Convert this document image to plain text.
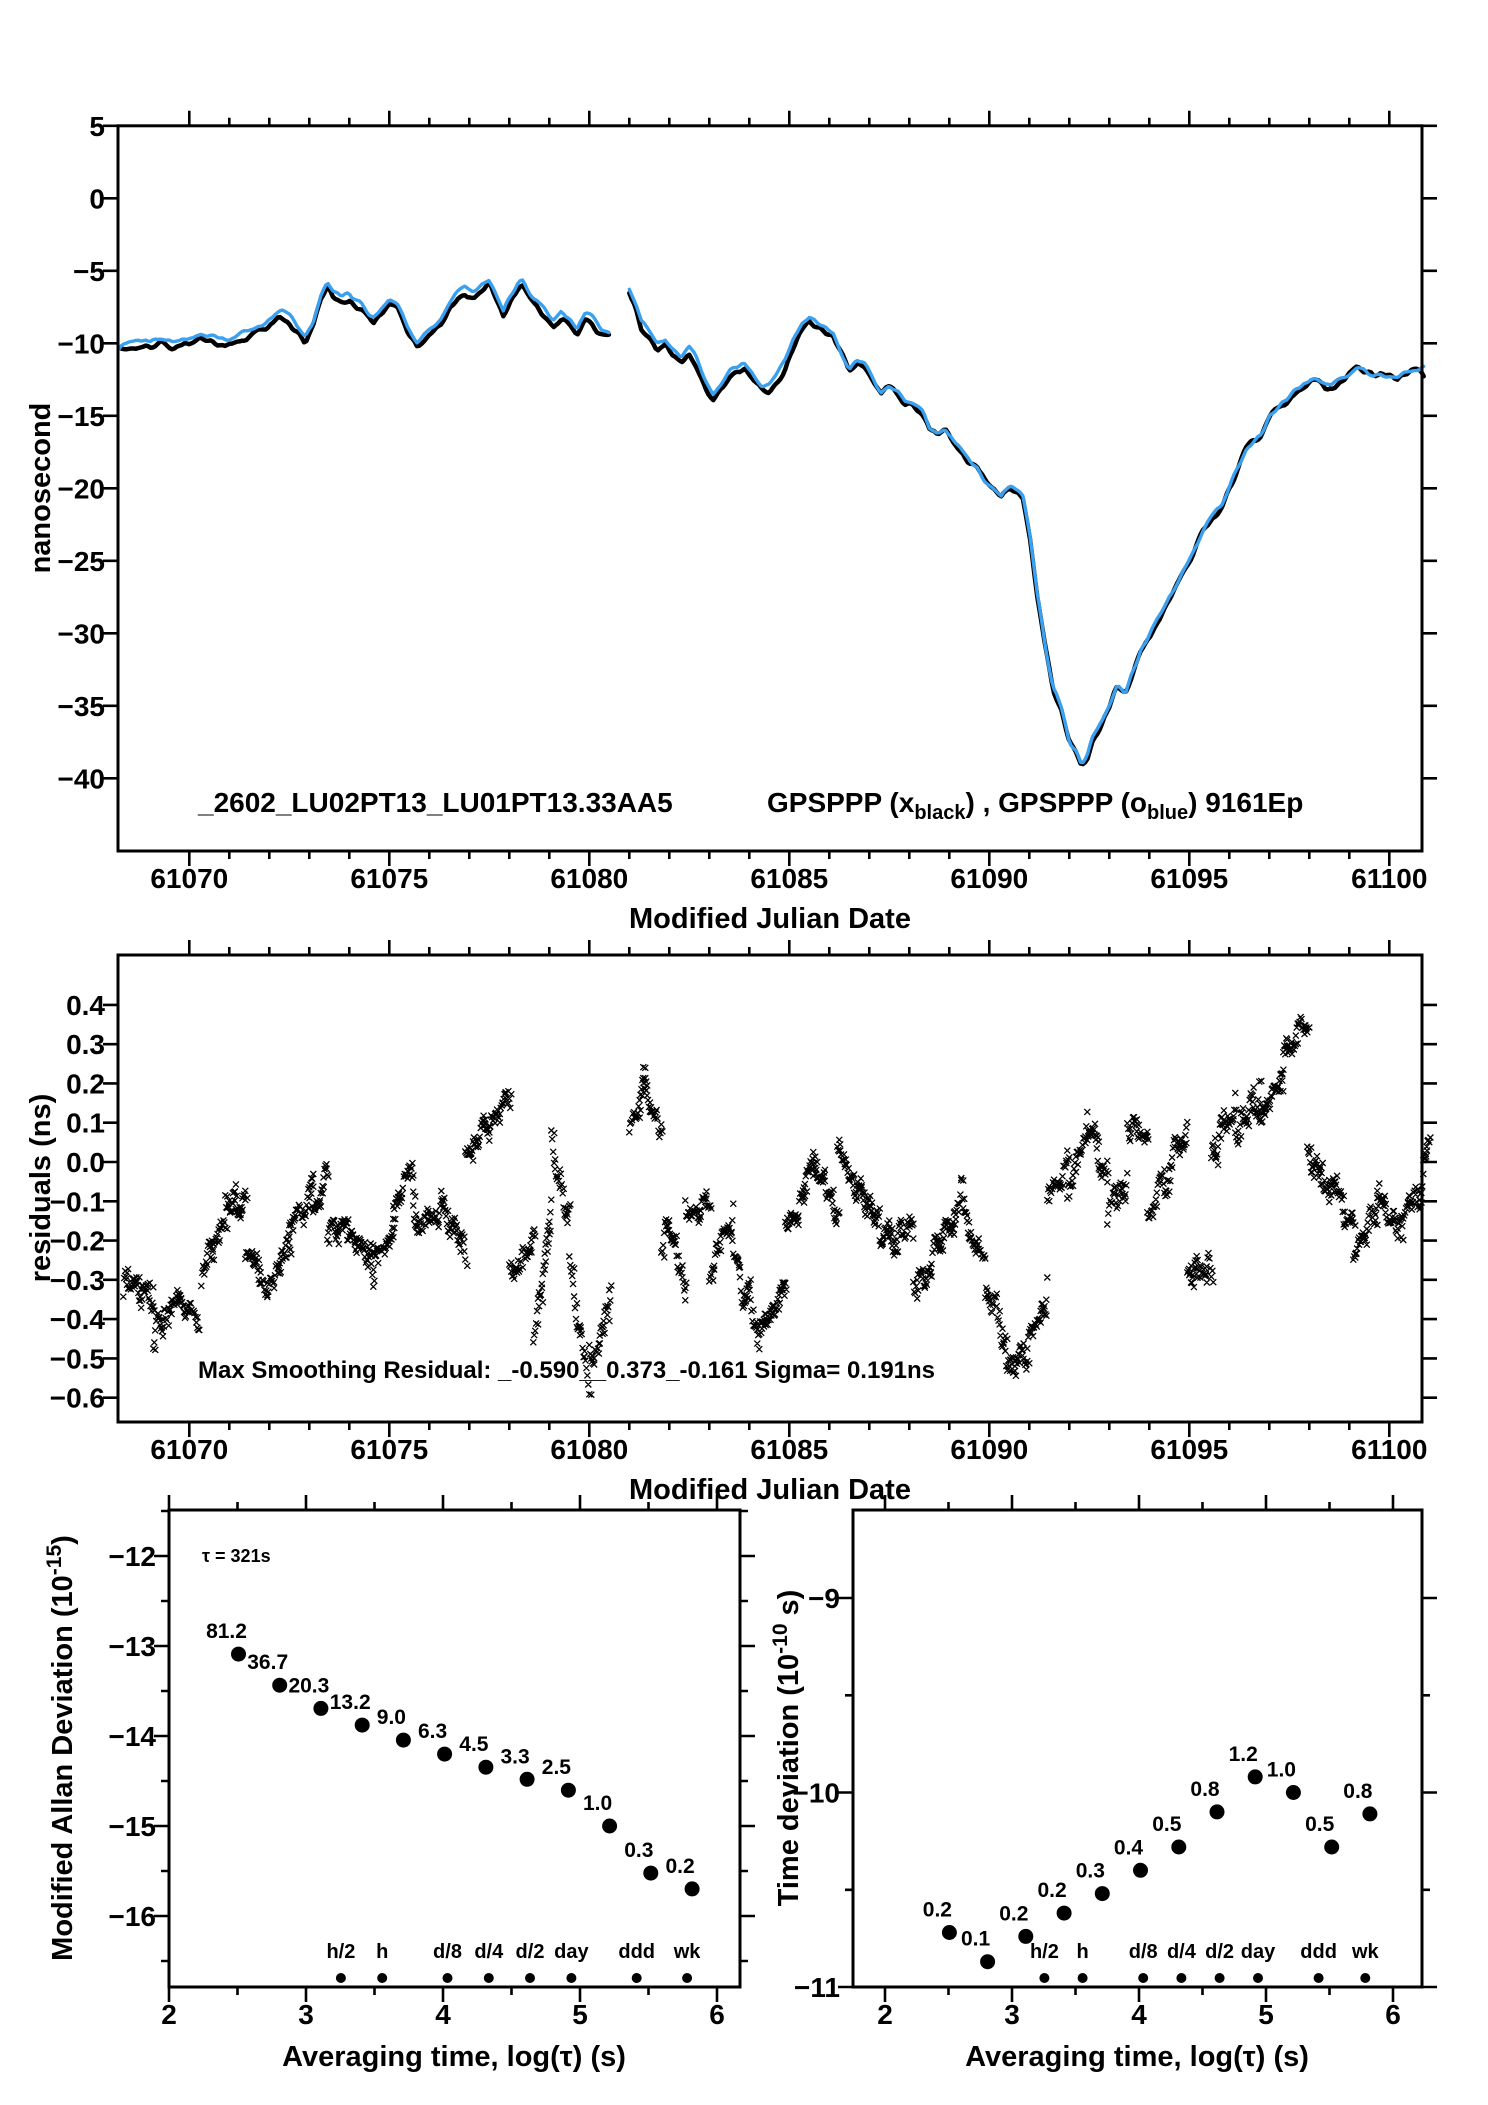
Modified Julian Date
nanosecond
_2602_LU02PT13_LU01PT13.33AA5
Modified Julian Date
residuals (ns)
Max Smoothing Residual: _-0.590__0.373_-0.161 Sigma= 0.191ns
τ = 321s
Averaging time, log(τ) (s)	Averaging time, log(τ) (s)
61070	61075	61080	61085	61090	61095	61100
5
0
−5
−10
−15
−20
−25
−30
−35
−40
GPSPPP $(x_{black})$ , GPSPPP $(o_{blue})$ 9161Ep
61070	61075	61080	61085	61090	61095	61100
0.4
0.3
0.2
0.1
0.0
−0.1
−0.2
−0.3
−0.4
−0.5
−0.6
2	3	4	5	6
−12
−13
−14
−15
−16
81.2
36.7
20.3
13.2
9.0
6.3
4.5
3.3 2.5
1.0
0.3
0.2
h/2 h d/8 d/4 d/2 day ddd wk
2	3	4	5	6
−9
−10
−11
0.2
0.1
0.2
0.2
0.3
0.4
0.5
0.8
1.2
1.0
0.5
0.8
h/2 h d/8 d/4 d/2 day ddd wk
Modified Allan Deviation (10-15)
Time deviation (10-10 s)
